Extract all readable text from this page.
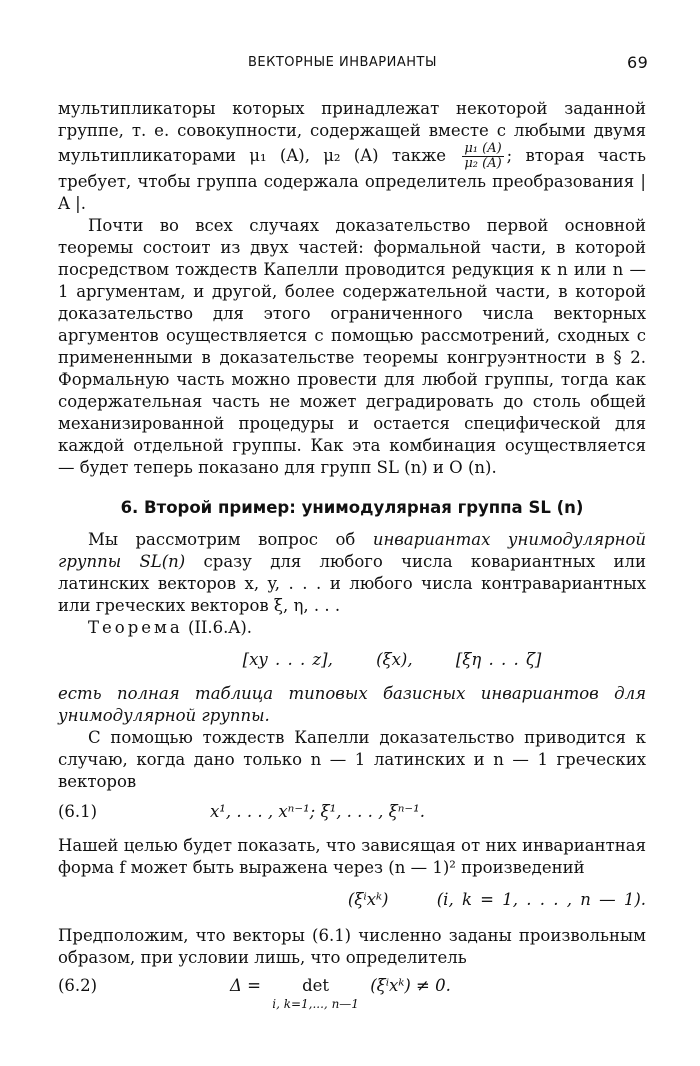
ВЕКТОРНЫЕ ИНВАРИАНТЫ	69

мультипликаторы которых принадлежат некоторой заданной группе, т. е. совокупности, содержащей вместе с любыми двумя мультипликаторами μ₁ (A), μ₂ (A) также $\frac{\text{μ₁ (A)}}{\text{μ₂ (A)}}$ ; вторая часть требует, чтобы группа содержала определитель преобразования | A |.

Почти во всех случаях доказательство первой основной теоремы состоит из двух частей: формальной части, в которой посредством тождеств Капелли проводится редукция к n или n — 1 аргументам, и другой, более содержательной части, в которой доказательство для этого ограниченного числа векторных аргументов осуществляется с помощью рассмотрений, сходных с примененными в доказательстве теоремы конгруэнтности в § 2. Формальную часть можно провести для любой группы, тогда как содержательная часть не может деградировать до столь общей механизированной процедуры и остается специфической для каждой отдельной группы. Как эта комбинация осуществляется — будет теперь показано для групп SL (n) и O (n).

6. Второй пример: унимодулярная группа SL (n)

Мы рассмотрим вопрос об инвариантах унимодулярной группы SL(n) сразу для любого числа ковариантных или латинских векторов x, y, . . . и любого числа контравариантных или греческих векторов ξ, η, . . .

Теорема (II.6.A).

[xy . . . z],	(ξx),	[ξη . . . ζ]

есть полная таблица типовых базисных инвариантов для унимодулярной группы.

С помощью тождеств Капелли доказательство приводится к случаю, когда дано только n — 1 латинских и n — 1 греческих векторов

(6.1)	x¹, . . . , xⁿ⁻¹; ξ¹, . . . , ξⁿ⁻¹.

Нашей целью будет показать, что зависящая от них инвариантная форма f может быть выражена через (n — 1)² произведений

(ξⁱxᵏ)	(i, k = 1, . . . , n — 1).

Предположим, что векторы (6.1) численно заданы произвольным образом, при условии лишь, что определитель

(6.2)	Δ = det
i, k=1,..., n—1
(ξⁱxᵏ) ≠ 0.
